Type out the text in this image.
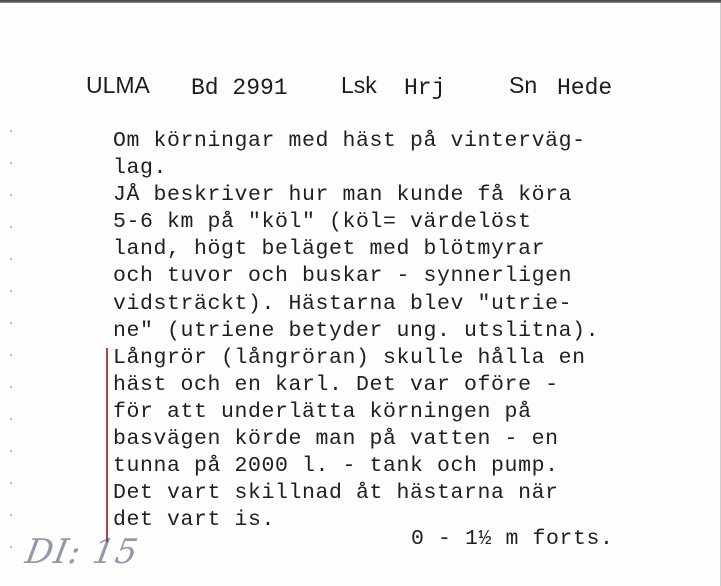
ULMA Bd 2991 Lsk Hrj	Sn Hede
Om körningar med häst på vinterväg-
lag.
JÅ beskriver hur man kunde få köra
5-6 km på "köl" (köl= värdelöst
land, högt beläget med blötmyrar
och tuvor och buskar - synnerligen
vidsträckt). Hästarna blev "utrie-
ne" (utriene betyder ung. utslitna).
Långrör (långröran) skulle hålla en
häst och en karl. Det var oföre -
för att underlätta körningen på
basvägen körde man på vatten - en
tunna på 2000 l. - tank och pump.
Det vart skillnad åt hästarna när
det vart is.
0 - 1½ m forts.
DI: 15
